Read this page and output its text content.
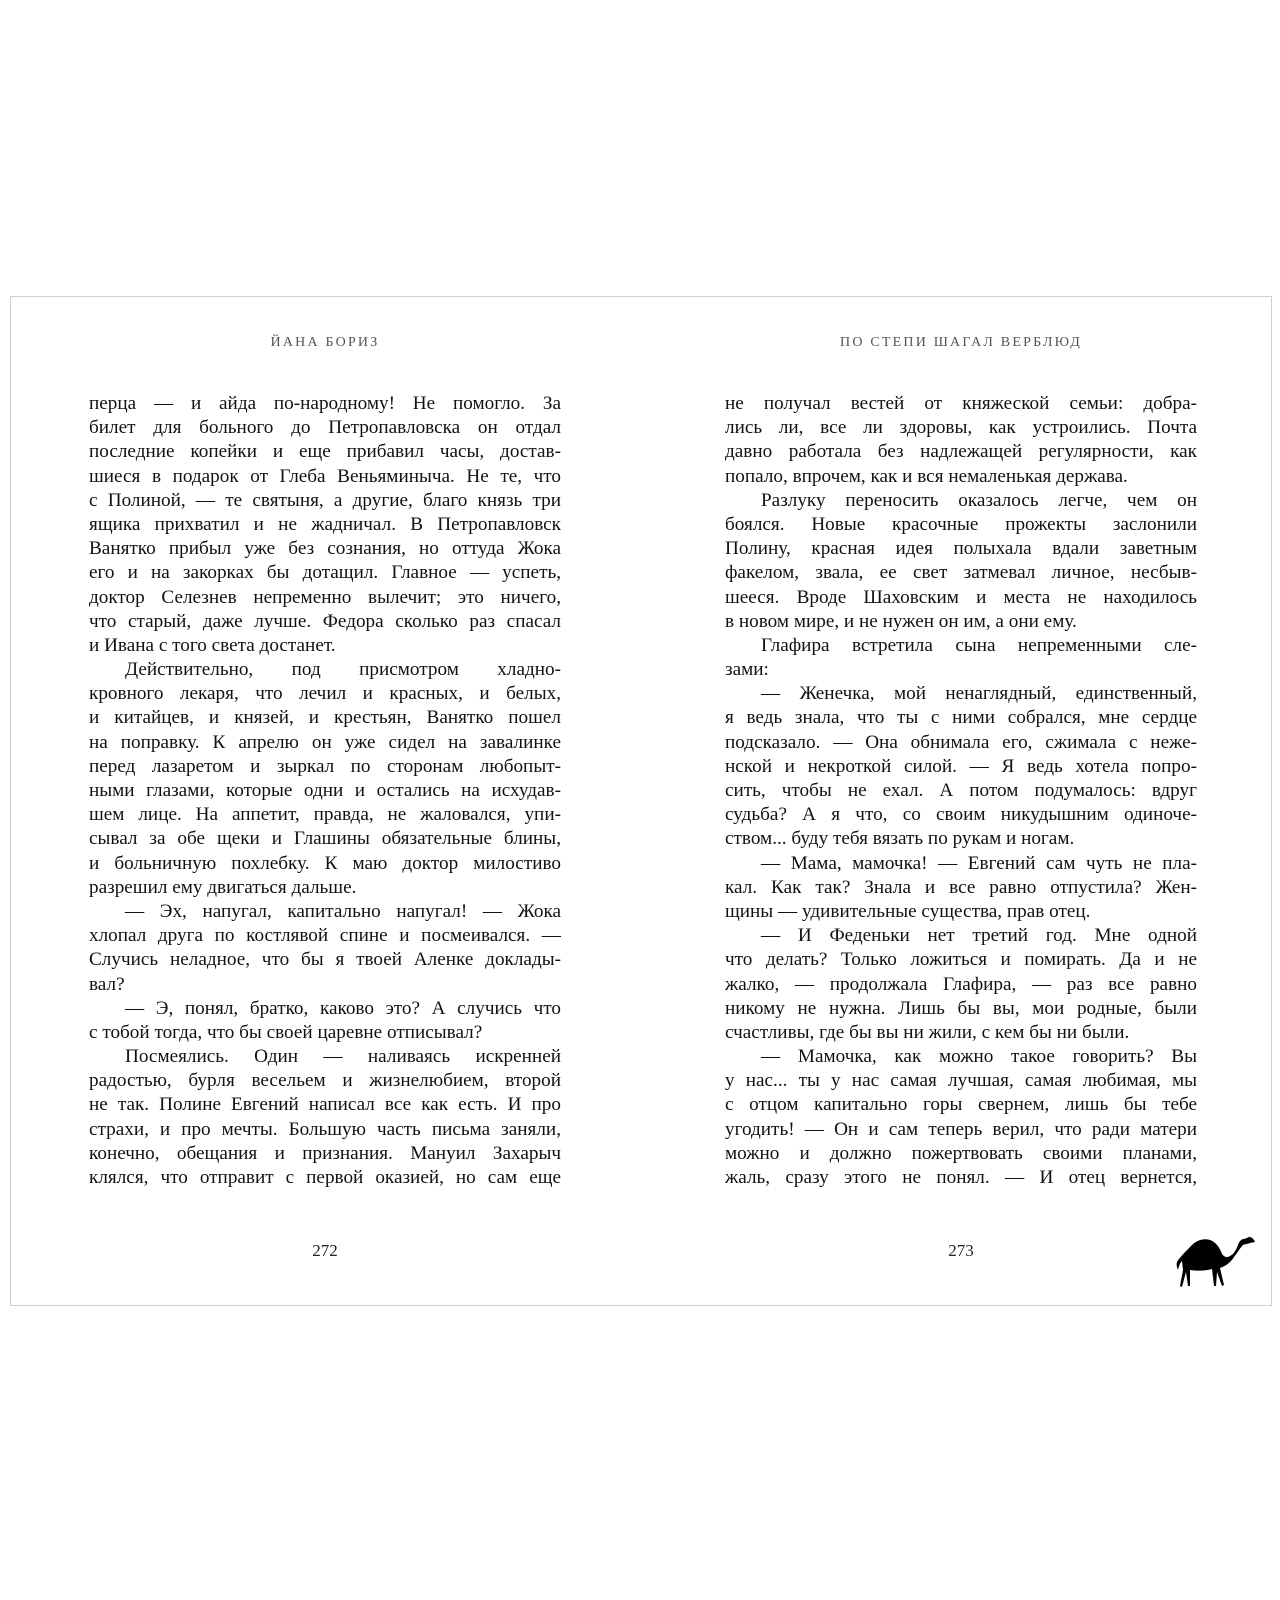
ЙАНА БОРИЗ
перца — и айда по-народному! Не помогло. За
билет для больного до Петропавловска он отдал
последние копейки и еще прибавил часы, достав-
шиеся в подарок от Глеба Веньяминыча. Не те, что
с Полиной, — те святыня, а другие, благо князь три
ящика прихватил и не жадничал. В Петропавловск
Ванятко прибыл уже без сознания, но оттуда Жока
его и на закорках бы дотащил. Главное — успеть,
доктор Селезнев непременно вылечит; это ничего,
что старый, даже лучше. Федора сколько раз спасал
и Ивана с того света достанет.
Действительно, под присмотром хладно-
кровного лекаря, что лечил и красных, и белых,
и китайцев, и князей, и крестьян, Ванятко пошел
на поправку. К апрелю он уже сидел на завалинке
перед лазаретом и зыркал по сторонам любопыт-
ными глазами, которые одни и остались на исхудав-
шем лице. На аппетит, правда, не жаловался, упи-
сывал за обе щеки и Глашины обязательные блины,
и больничную похлебку. К маю доктор милостиво
разрешил ему двигаться дальше.
— Эх, напугал, капитально напугал! — Жока
хлопал друга по костлявой спине и посмеивался. —
Случись неладное, что бы я твоей Аленке доклады-
вал?
— Э, понял, братко, каково это? А случись что
с тобой тогда, что бы своей царевне отписывал?
Посмеялись. Один — наливаясь искренней
радостью, бурля весельем и жизнелюбием, второй
не так. Полине Евгений написал все как есть. И про
страхи, и про мечты. Большую часть письма заняли,
конечно, обещания и признания. Мануил Захарыч
клялся, что отправит с первой оказией, но сам еще
272
ПО СТЕПИ ШАГАЛ ВЕРБЛЮД
не получал вестей от княжеской семьи: добра-
лись ли, все ли здоровы, как устроились. Почта
давно работала без надлежащей регулярности, как
попало, впрочем, как и вся немаленькая держава.
Разлуку переносить оказалось легче, чем он
боялся. Новые красочные прожекты заслонили
Полину, красная идея полыхала вдали заветным
факелом, звала, ее свет затмевал личное, несбыв-
шееся. Вроде Шаховским и места не находилось
в новом мире, и не нужен он им, а они ему.
Глафира встретила сына непременными сле-
зами:
— Женечка, мой ненаглядный, единственный,
я ведь знала, что ты с ними собрался, мне сердце
подсказало. — Она обнимала его, сжимала с неже-
нской и некроткой силой. — Я ведь хотела попро-
сить, чтобы не ехал. А потом подумалось: вдруг
судьба? А я что, со своим никудышним одиноче-
ством... буду тебя вязать по рукам и ногам.
— Мама, мамочка! — Евгений сам чуть не пла-
кал. Как так? Знала и все равно отпустила? Жен-
щины — удивительные существа, прав отец.
— И Феденьки нет третий год. Мне одной
что делать? Только ложиться и помирать. Да и не
жалко, — продолжала Глафира, — раз все равно
никому не нужна. Лишь бы вы, мои родные, были
счастливы, где бы вы ни жили, с кем бы ни были.
— Мамочка, как можно такое говорить? Вы
у нас... ты у нас самая лучшая, самая любимая, мы
с отцом капитально горы свернем, лишь бы тебе
угодить! — Он и сам теперь верил, что ради матери
можно и должно пожертвовать своими планами,
жаль, сразу этого не понял. — И отец вернется,
273
